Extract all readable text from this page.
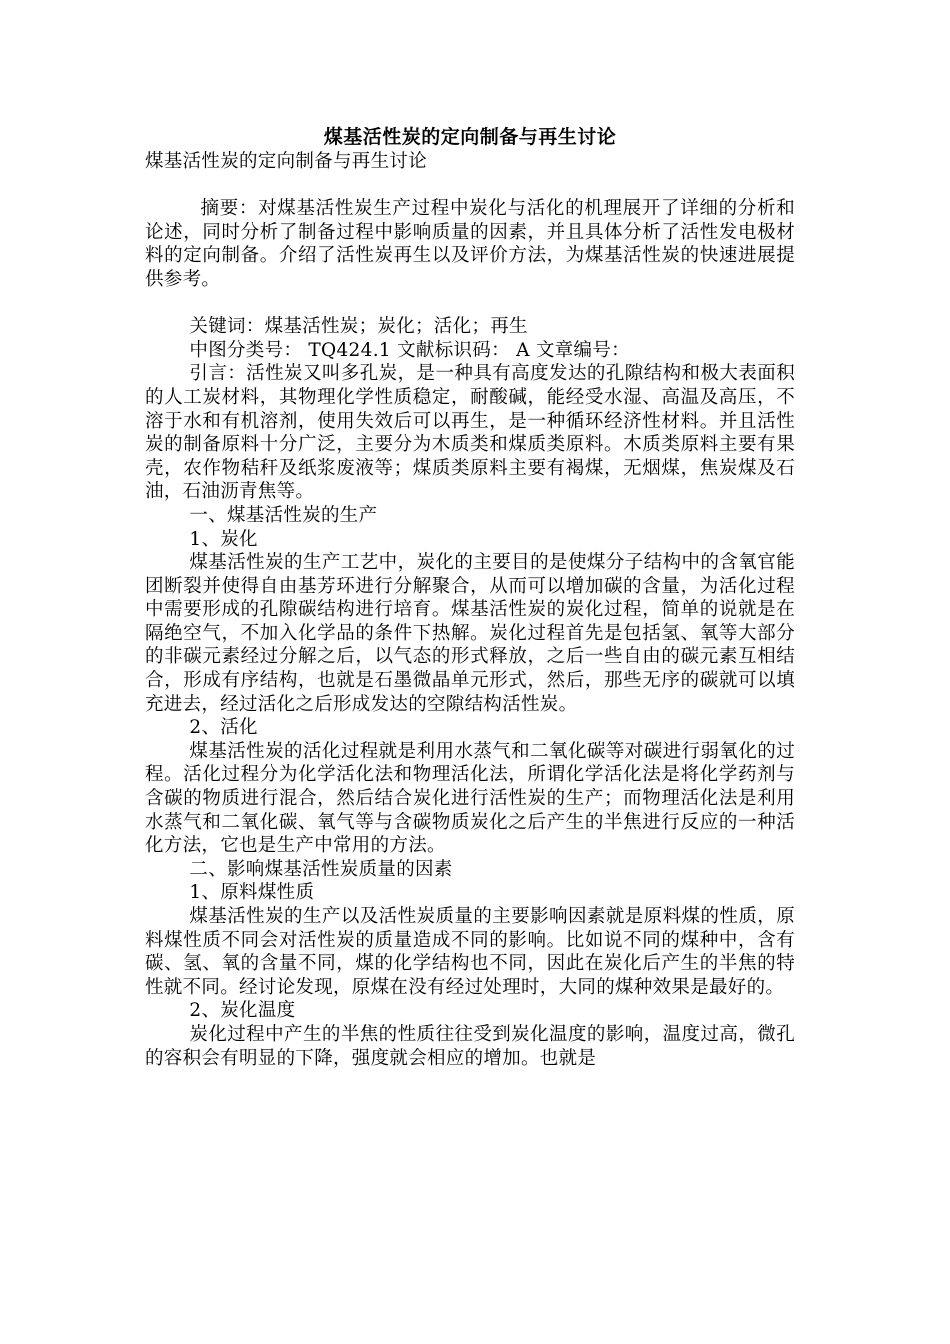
煤基活性炭的定向制备与再生讨论

煤基活性炭的定向制备与再生讨论

摘要：对煤基活性炭生产过程中炭化与活化的机理展开了详细的分析和论述，同时分析了制备过程中影响质量的因素，并且具体分析了活性发电极材料的定向制备。介绍了活性炭再生以及评价方法，为煤基活性炭的快速进展提供参考。

关键词：煤基活性炭；炭化；活化；再生

中图分类号： TQ424.1 文献标识码： A 文章编号：

引言：活性炭又叫多孔炭，是一种具有高度发达的孔隙结构和极大表面积的人工炭材料，其物理化学性质稳定，耐酸碱，能经受水湿、高温及高压，不溶于水和有机溶剂，使用失效后可以再生，是一种循环经济性材料。并且活性炭的制备原料十分广泛，主要分为木质类和煤质类原料。木质类原料主要有果壳，农作物秸秆及纸浆废液等；煤质类原料主要有褐煤，无烟煤，焦炭煤及石油，石油沥青焦等。

一、煤基活性炭的生产

1、炭化

煤基活性炭的生产工艺中，炭化的主要目的是使煤分子结构中的含氧官能团断裂并使得自由基芳环进行分解聚合，从而可以增加碳的含量，为活化过程中需要形成的孔隙碳结构进行培育。煤基活性炭的炭化过程，简单的说就是在隔绝空气，不加入化学品的条件下热解。炭化过程首先是包括氢、氧等大部分的非碳元素经过分解之后，以气态的形式释放，之后一些自由的碳元素互相结合，形成有序结构，也就是石墨微晶单元形式，然后，那些无序的碳就可以填充进去，经过活化之后形成发达的空隙结构活性炭。

2、活化

煤基活性炭的活化过程就是利用水蒸气和二氧化碳等对碳进行弱氧化的过程。活化过程分为化学活化法和物理活化法，所谓化学活化法是将化学药剂与含碳的物质进行混合，然后结合炭化进行活性炭的生产；而物理活化法是利用水蒸气和二氧化碳、氧气等与含碳物质炭化之后产生的半焦进行反应的一种活化方法，它也是生产中常用的方法。

二、影响煤基活性炭质量的因素

1、原料煤性质

煤基活性炭的生产以及活性炭质量的主要影响因素就是原料煤的性质，原料煤性质不同会对活性炭的质量造成不同的影响。比如说不同的煤种中，含有碳、氢、氧的含量不同，煤的化学结构也不同，因此在炭化后产生的半焦的特性就不同。经讨论发现，原煤在没有经过处理时，大同的煤种效果是最好的。

2、炭化温度

炭化过程中产生的半焦的性质往往受到炭化温度的影响，温度过高，微孔的容积会有明显的下降，强度就会相应的增加。也就是
